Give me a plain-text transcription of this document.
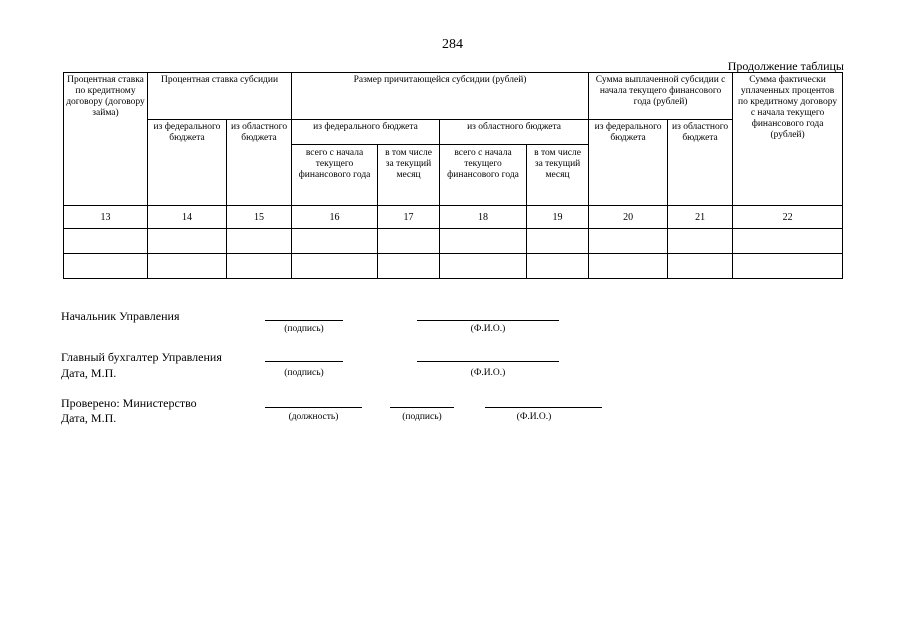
284
Продолжение таблицы
Процентная ставка по кредитному договору (договору займа)	Процентная ставка субсидии		Размер причитающейся субсидии (рублей)				Сумма выплаченной субсидии с начала текущего финансового года (рублей)		Сумма фактически уплаченных процентов по кредитному договору с начала текущего финансового года (рублей)
	из федерального бюджета	из областного бюджета	из федерального бюджета		из областного бюджета		из федерального бюджета	из областного бюджета	
			всего с начала текущего финансового года	в том числе за текущий месяц	всего с начала текущего финансового года	в том числе за текущий месяц			
13	14	15	16	17	18	19	20	21	22

Начальник Управления
(подпись)	(Ф.И.О.)
Главный бухгалтер Управления
Дата, М.П.	(подпись)	(Ф.И.О.)
Проверено: Министерство
Дата, М.П.	(должность)	(подпись)	(Ф.И.О.)
